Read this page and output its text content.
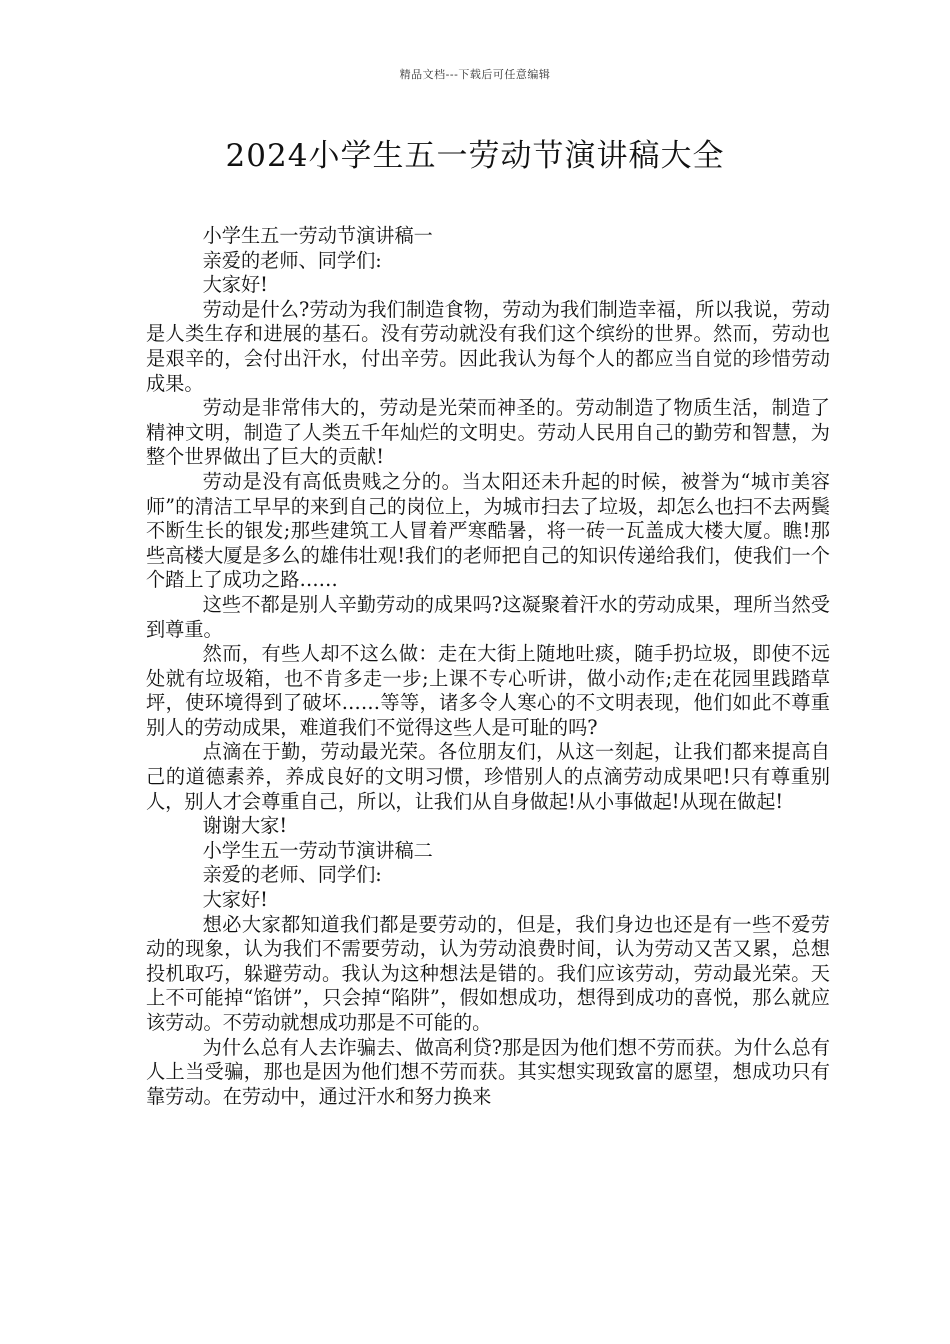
精品文档---下载后可任意编辑
2024小学生五一劳动节演讲稿大全

小学生五一劳动节演讲稿一

亲爱的老师、同学们:

大家好!

劳动是什么?劳动为我们制造食物，劳动为我们制造幸福，所以我说，劳动是人类生存和进展的基石。没有劳动就没有我们这个缤纷的世界。然而，劳动也是艰辛的，会付出汗水，付出辛劳。因此我认为每个人的都应当自觉的珍惜劳动成果。

劳动是非常伟大的，劳动是光荣而神圣的。劳动制造了物质生活，制造了精神文明，制造了人类五千年灿烂的文明史。劳动人民用自己的勤劳和智慧，为整个世界做出了巨大的贡献!

劳动是没有高低贵贱之分的。当太阳还未升起的时候，被誉为“城市美容师”的清洁工早早的来到自己的岗位上，为城市扫去了垃圾，却怎么也扫不去两鬓不断生长的银发;那些建筑工人冒着严寒酷暑，将一砖一瓦盖成大楼大厦。瞧!那些高楼大厦是多么的雄伟壮观!我们的老师把自己的知识传递给我们，使我们一个个踏上了成功之路……

这些不都是别人辛勤劳动的成果吗?这凝聚着汗水的劳动成果，理所当然受到尊重。

然而，有些人却不这么做：走在大街上随地吐痰，随手扔垃圾，即使不远处就有垃圾箱，也不肯多走一步;上课不专心听讲，做小动作;走在花园里践踏草坪，使环境得到了破坏……等等，诸多令人寒心的不文明表现，他们如此不尊重别人的劳动成果，难道我们不觉得这些人是可耻的吗?

点滴在于勤，劳动最光荣。各位朋友们，从这一刻起，让我们都来提高自己的道德素养，养成良好的文明习惯，珍惜别人的点滴劳动成果吧!只有尊重别人，别人才会尊重自己，所以，让我们从自身做起!从小事做起!从现在做起!

谢谢大家!

小学生五一劳动节演讲稿二

亲爱的老师、同学们:

大家好!

想必大家都知道我们都是要劳动的，但是，我们身边也还是有一些不爱劳动的现象，认为我们不需要劳动，认为劳动浪费时间，认为劳动又苦又累，总想投机取巧，躲避劳动。我认为这种想法是错的。我们应该劳动，劳动最光荣。天上不可能掉“馅饼”，只会掉“陷阱”，假如想成功，想得到成功的喜悦，那么就应该劳动。不劳动就想成功那是不可能的。

为什么总有人去诈骗去、做高利贷?那是因为他们想不劳而获。为什么总有人上当受骗，那也是因为他们想不劳而获。其实想实现致富的愿望，想成功只有靠劳动。在劳动中，通过汗水和努力换来
